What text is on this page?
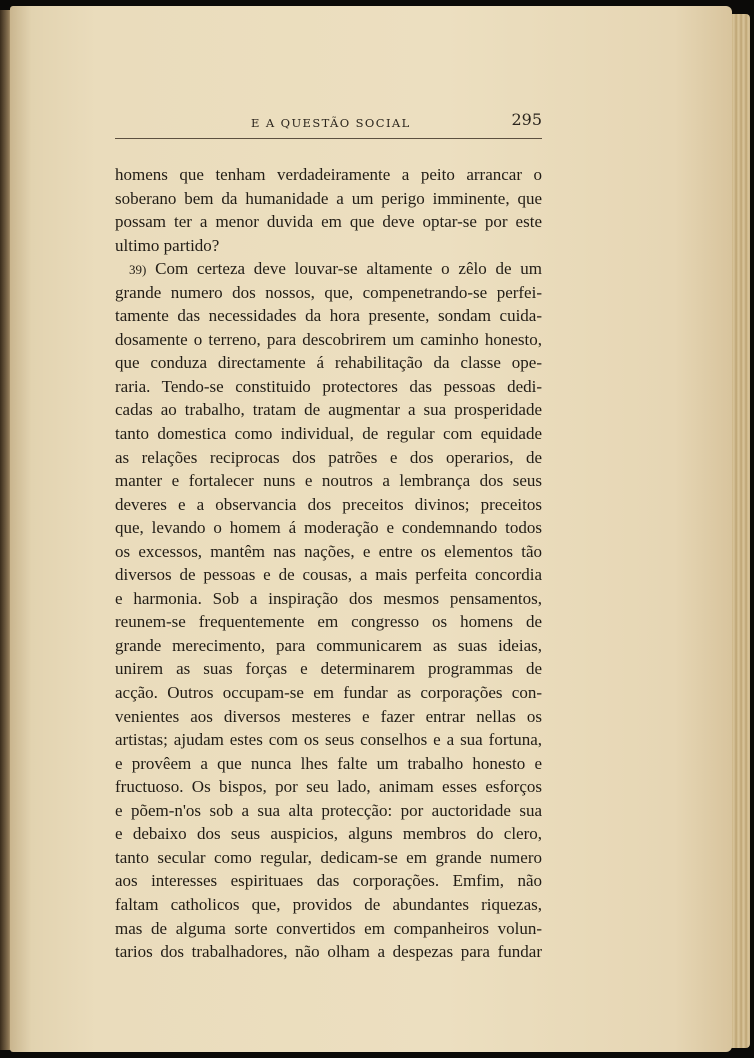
E A QUESTÃO SOCIAL	295
homens que tenham verdadeiramente a peito arrancar o
soberano bem da humanidade a um perigo imminente, que
possam ter a menor duvida em que deve optar-se por este
ultimo partido?
39) Com certeza deve louvar-se altamente o zêlo de um
grande numero dos nossos, que, compenetrando-se perfei-
tamente das necessidades da hora presente, sondam cuida-
dosamente o terreno, para descobrirem um caminho honesto,
que conduza directamente á rehabilitação da classe ope-
raria. Tendo-se constituido protectores das pessoas dedi-
cadas ao trabalho, tratam de augmentar a sua prosperidade
tanto domestica como individual, de regular com equidade
as relações reciprocas dos patrões e dos operarios, de
manter e fortalecer nuns e noutros a lembrança dos seus
deveres e a observancia dos preceitos divinos; preceitos
que, levando o homem á moderação e condemnando todos
os excessos, mantêm nas nações, e entre os elementos tão
diversos de pessoas e de cousas, a mais perfeita concordia
e harmonia. Sob a inspiração dos mesmos pensamentos,
reunem-se frequentemente em congresso os homens de
grande merecimento, para communicarem as suas ideias,
unirem as suas forças e determinarem programmas de
acção. Outros occupam-se em fundar as corporações con-
venientes aos diversos mesteres e fazer entrar nellas os
artistas; ajudam estes com os seus conselhos e a sua fortuna,
e provêem a que nunca lhes falte um trabalho honesto e
fructuoso. Os bispos, por seu lado, animam esses esforços
e põem-n'os sob a sua alta protecção: por auctoridade sua
e debaixo dos seus auspicios, alguns membros do clero,
tanto secular como regular, dedicam-se em grande numero
aos interesses espirituaes das corporações. Emfim, não
faltam catholicos que, providos de abundantes riquezas,
mas de alguma sorte convertidos em companheiros volun-
tarios dos trabalhadores, não olham a despezas para fundar
